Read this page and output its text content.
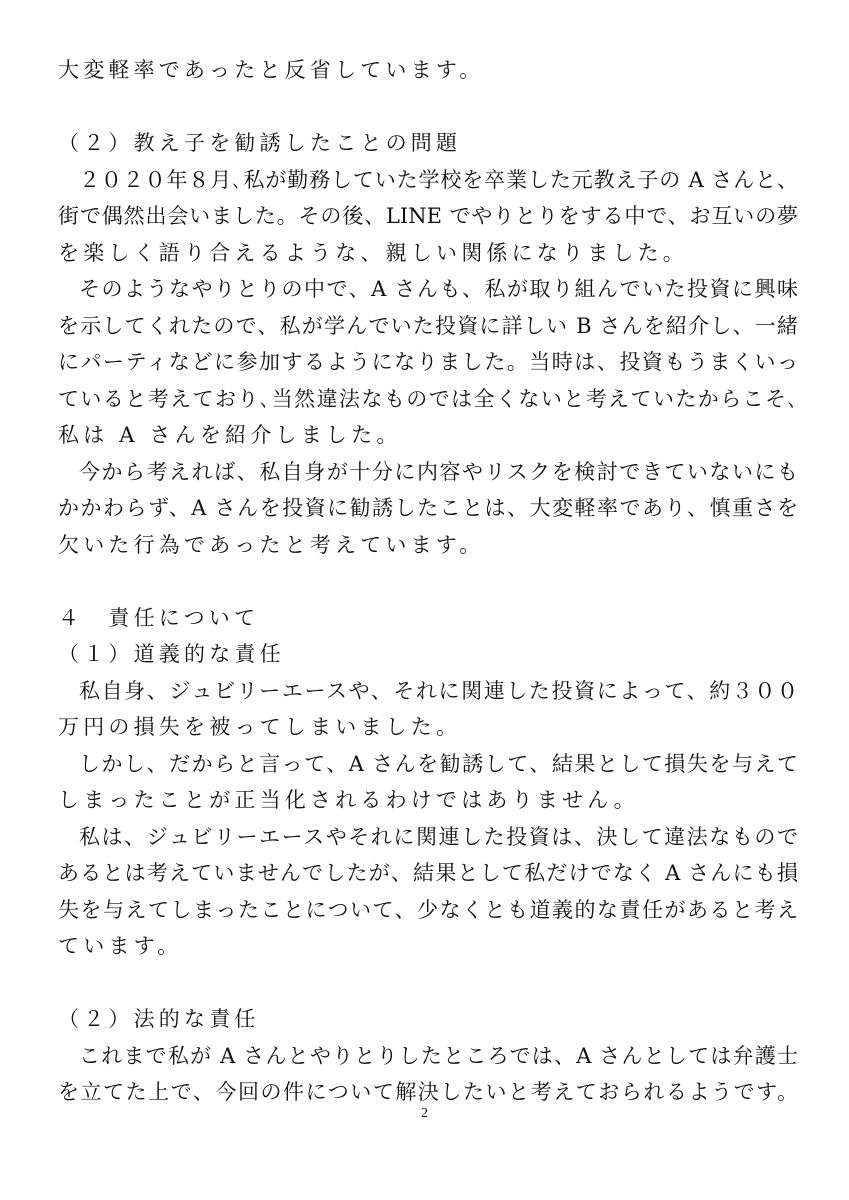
大変軽率であったと反省しています。
（２）教え子を勧誘したことの問題
２０２０年８月､私が勤務していた学校を卒業した元教え子の A さんと、
街で偶然出会いました。その後、LINE でやりとりをする中で、お互いの夢
を楽しく語り合えるような、親しい関係になりました。
そのようなやりとりの中で、A さんも、私が取り組んでいた投資に興味
を示してくれたので、私が学んでいた投資に詳しい B さんを紹介し、一緒
にパーティなどに参加するようになりました。当時は、投資もうまくいっ
ていると考えており､当然違法なものでは全くないと考えていたからこそ､
私は A さんを紹介しました。
今から考えれば、私自身が十分に内容やリスクを検討できていないにも
かかわらず、A さんを投資に勧誘したことは、大変軽率であり、慎重さを
欠いた行為であったと考えています。
４　責任について
（１）道義的な責任
私自身、ジュビリーエースや、それに関連した投資によって、約３００
万円の損失を被ってしまいました。
しかし、だからと言って、A さんを勧誘して、結果として損失を与えて
しまったことが正当化されるわけではありません。
私は、ジュビリーエースやそれに関連した投資は、決して違法なもので
あるとは考えていませんでしたが、結果として私だけでなく A さんにも損
失を与えてしまったことについて、少なくとも道義的な責任があると考え
ています。
（２）法的な責任
これまで私が A さんとやりとりしたところでは、A さんとしては弁護士
を立てた上で、今回の件について解決したいと考えておられるようです。
2
